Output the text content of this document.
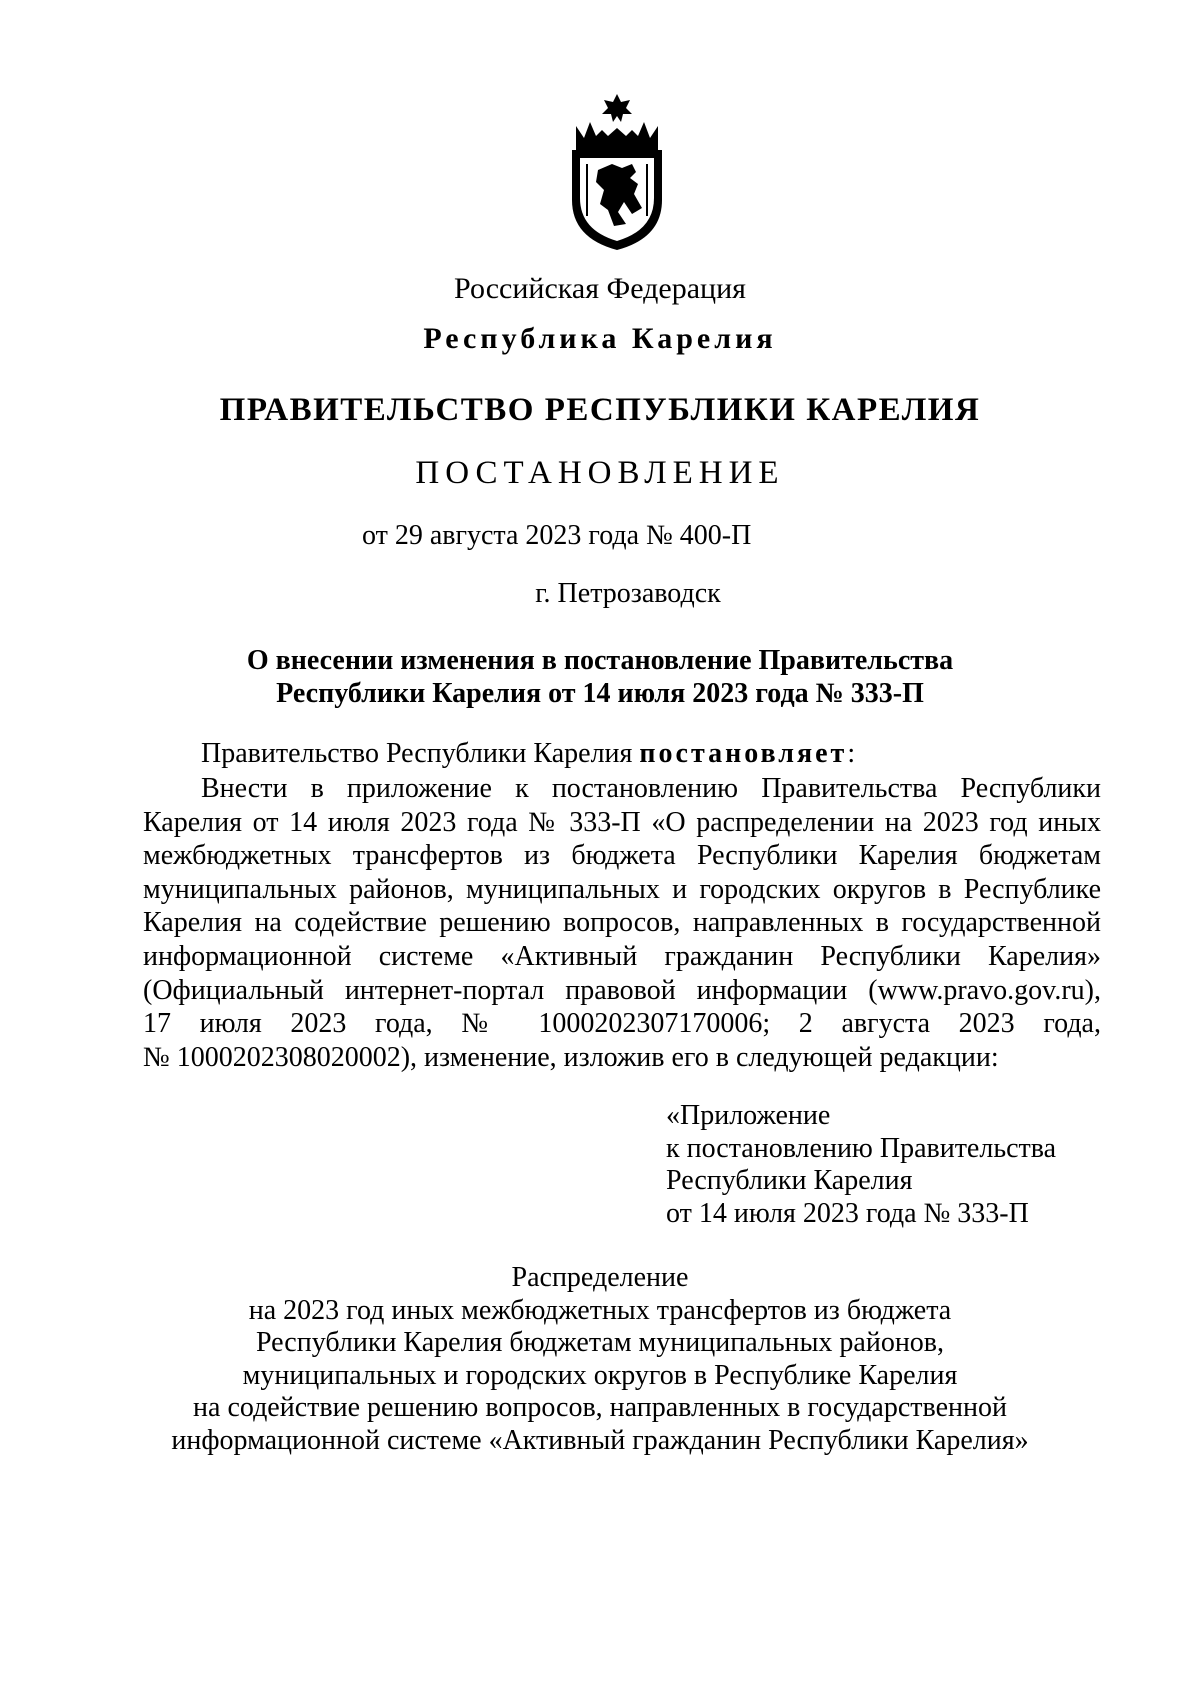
Российская Федерация
Республика Карелия
ПРАВИТЕЛЬСТВО РЕСПУБЛИКИ КАРЕЛИЯ
ПОСТАНОВЛЕНИЕ
от 29 августа 2023 года № 400-П
г. Петрозаводск
О внесении изменения в постановление Правительства
Республики Карелия от 14 июля 2023 года № 333-П
Правительство Республики Карелия постановляет:
Внести в приложение к постановлению Правительства Республики
Карелия от 14 июля 2023 года № 333-П «О распределении на 2023 год иных
межбюджетных трансфертов из бюджета Республики Карелия бюджетам
муниципальных районов, муниципальных и городских округов в Республике
Карелия на содействие решению вопросов, направленных в государственной
информационной системе «Активный гражданин Республики Карелия»
(Официальный интернет-портал правовой информации (www.pravo.gov.ru),
17 июля 2023 года, № 1000202307170006; 2 августа 2023 года,
№ 1000202308020002), изменение, изложив его в следующей редакции:
«Приложение
к постановлению Правительства
Республики Карелия
от 14 июля 2023 года № 333-П
Распределение
на 2023 год иных межбюджетных трансфертов из бюджета
Республики Карелия бюджетам муниципальных районов,
муниципальных и городских округов в Республике Карелия
на содействие решению вопросов, направленных в государственной
информационной системе «Активный гражданин Республики Карелия»
